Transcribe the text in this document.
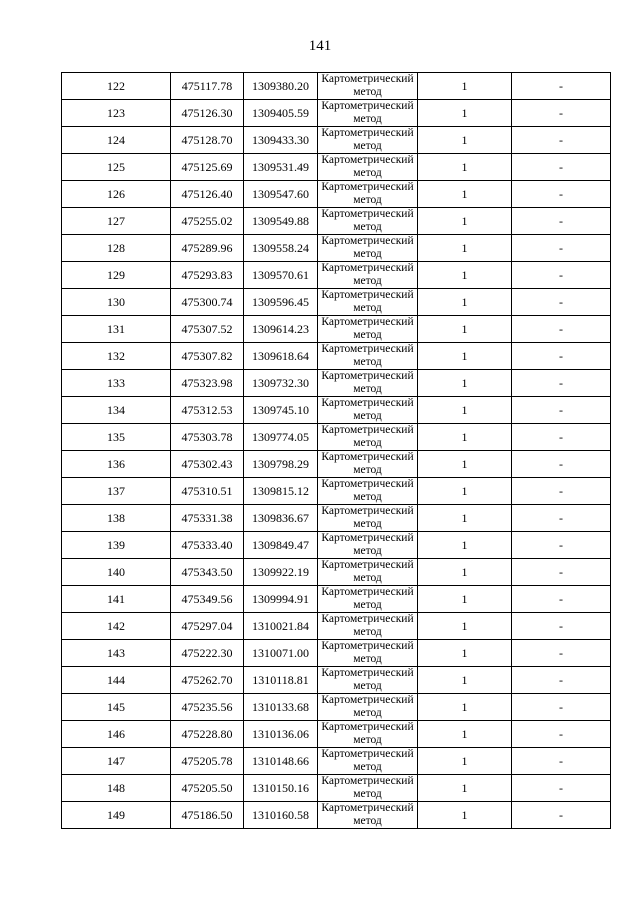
141
122	475117.78	1309380.20	Картометрический метод	1	-
123	475126.30	1309405.59	Картометрический метод	1	-
124	475128.70	1309433.30	Картометрический метод	1	-
125	475125.69	1309531.49	Картометрический метод	1	-
126	475126.40	1309547.60	Картометрический метод	1	-
127	475255.02	1309549.88	Картометрический метод	1	-
128	475289.96	1309558.24	Картометрический метод	1	-
129	475293.83	1309570.61	Картометрический метод	1	-
130	475300.74	1309596.45	Картометрический метод	1	-
131	475307.52	1309614.23	Картометрический метод	1	-
132	475307.82	1309618.64	Картометрический метод	1	-
133	475323.98	1309732.30	Картометрический метод	1	-
134	475312.53	1309745.10	Картометрический метод	1	-
135	475303.78	1309774.05	Картометрический метод	1	-
136	475302.43	1309798.29	Картометрический метод	1	-
137	475310.51	1309815.12	Картометрический метод	1	-
138	475331.38	1309836.67	Картометрический метод	1	-
139	475333.40	1309849.47	Картометрический метод	1	-
140	475343.50	1309922.19	Картометрический метод	1	-
141	475349.56	1309994.91	Картометрический метод	1	-
142	475297.04	1310021.84	Картометрический метод	1	-
143	475222.30	1310071.00	Картометрический метод	1	-
144	475262.70	1310118.81	Картометрический метод	1	-
145	475235.56	1310133.68	Картометрический метод	1	-
146	475228.80	1310136.06	Картометрический метод	1	-
147	475205.78	1310148.66	Картометрический метод	1	-
148	475205.50	1310150.16	Картометрический метод	1	-
149	475186.50	1310160.58	Картометрический метод	1	-
